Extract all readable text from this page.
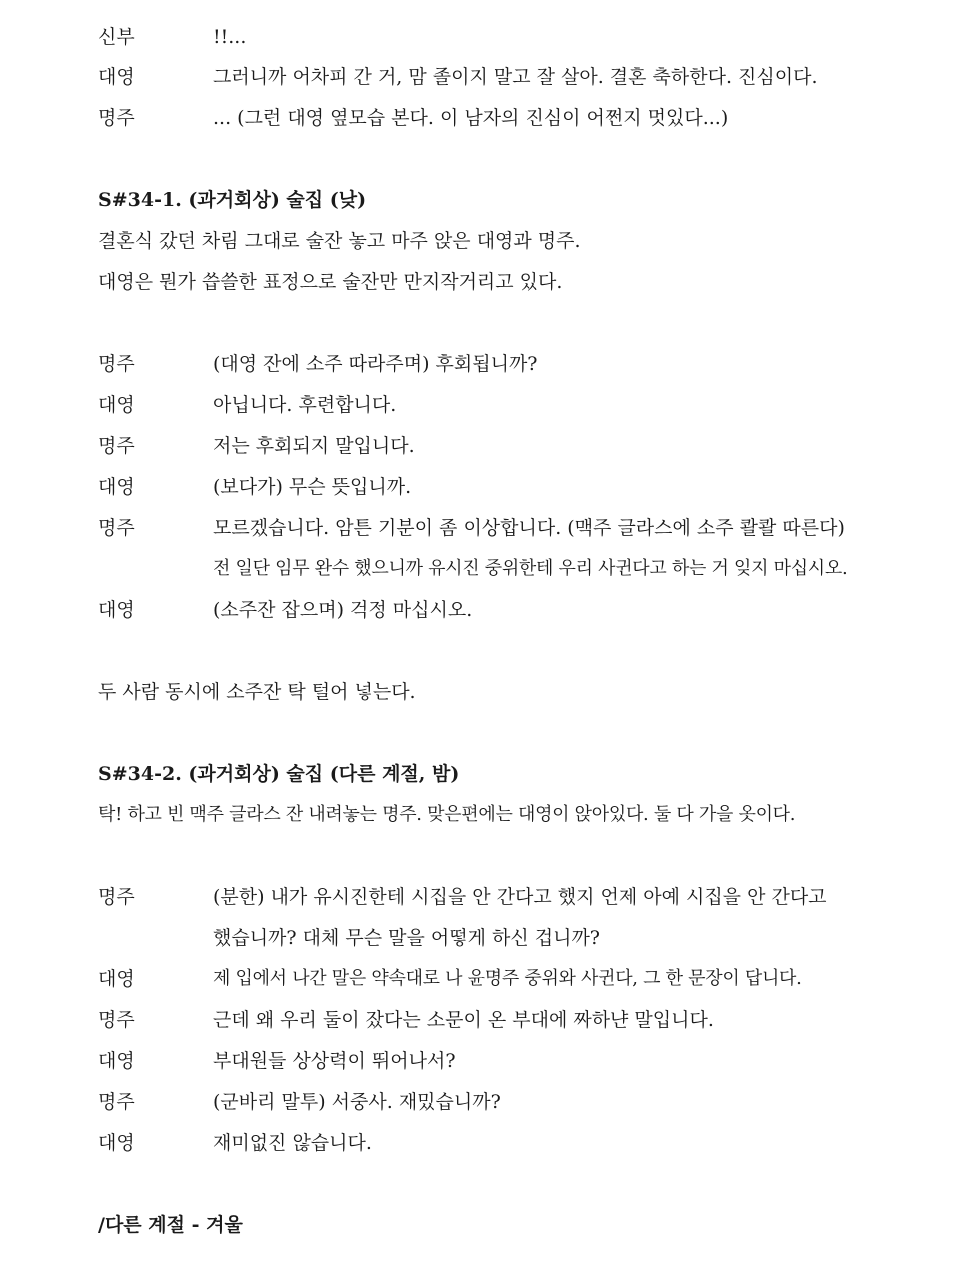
신부	!!...
대영	그러니까 어차피 간 거, 맘 졸이지 말고 잘 살아. 결혼 축하한다. 진심이다.
명주	... (그런 대영 옆모습 본다. 이 남자의 진심이 어쩐지 멋있다...)
S#34-1. (과거회상) 술집 (낮)
결혼식 갔던 차림 그대로 술잔 놓고 마주 앉은 대영과 명주.
대영은 뭔가 씁쓸한 표정으로 술잔만 만지작거리고 있다.
명주	(대영 잔에 소주 따라주며) 후회됩니까?
대영	아닙니다. 후련합니다.
명주	저는 후회되지 말입니다.
대영	(보다가) 무슨 뜻입니까.
명주	모르겠습니다. 암튼 기분이 좀 이상합니다. (맥주 글라스에 소주 콸콸 따른다)
전 일단 임무 완수 했으니까 유시진 중위한테 우리 사귄다고 하는 거 잊지 마십시오.
대영	(소주잔 잡으며) 걱정 마십시오.
두 사람 동시에 소주잔 탁 털어 넣는다.
S#34-2. (과거회상) 술집 (다른 계절, 밤)
탁! 하고 빈 맥주 글라스 잔 내려놓는 명주. 맞은편에는 대영이 앉아있다. 둘 다 가을 옷이다.
명주	(분한) 내가 유시진한테 시집을 안 간다고 했지 언제 아예 시집을 안 간다고
했습니까? 대체 무슨 말을 어떻게 하신 겁니까?
대영	제 입에서 나간 말은 약속대로 나 윤명주 중위와 사귄다, 그 한 문장이 답니다.
명주	근데 왜 우리 둘이 잤다는 소문이 온 부대에 짜하냔 말입니다.
대영	부대원들 상상력이 뛰어나서?
명주	(군바리 말투) 서중사. 재밌습니까?
대영	재미없진 않습니다.
/다른 계절 - 겨울
